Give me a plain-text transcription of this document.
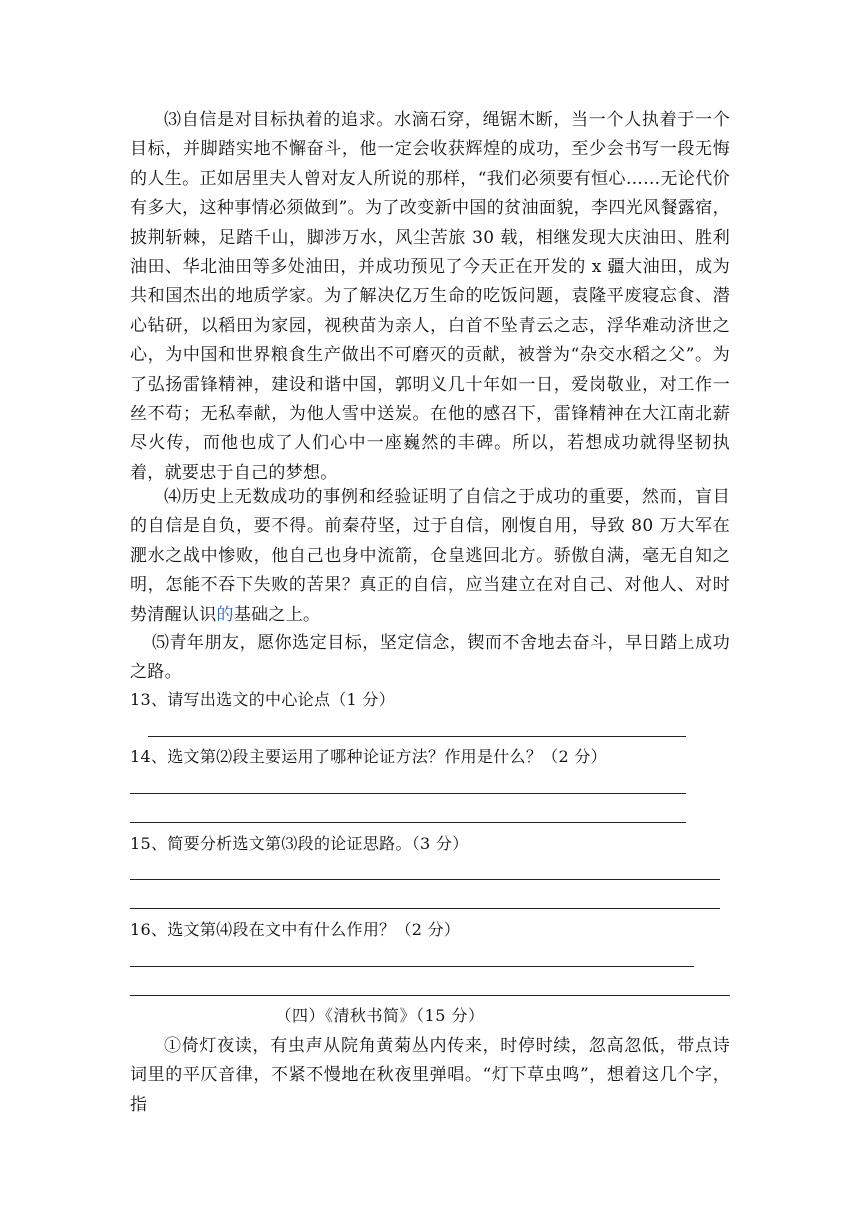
⑶自信是对目标执着的追求。水滴石穿，绳锯木断，当一个人执着于一个目标，并脚踏实地不懈奋斗，他一定会收获辉煌的成功，至少会书写一段无悔的人生。正如居里夫人曾对友人所说的那样，“我们必须要有恒心……无论代价有多大，这种事情必须做到”。为了改变新中国的贫油面貌，李四光风餐露宿，披荆斩棘，足踏千山，脚涉万水，风尘苦旅 30 载，相继发现大庆油田、胜利油田、华北油田等多处油田，并成功预见了今天正在开发的 x 疆大油田，成为共和国杰出的地质学家。为了解决亿万生命的吃饭问题，袁隆平废寝忘食、潜 心钻研，以稻田为家园，视秧苗为亲人，白首不坠青云之志，浮华难动济世之心，为中国和世界粮食生产做出不可磨灭的贡献，被誉为“杂交水稻之父”。为了弘扬雷锋精神，建设和谐中国，郭明义几十年如一日，爱岗敬业，对工作一丝不苟；无私奉献，为他人雪中送炭。在他的感召下，雷锋精神在大江南北薪尽火传，而他也成了人们心中一座巍然的丰碑。所以，若想成功就得坚韧执着，就要忠于自己的梦想。

⑷历史上无数成功的事例和经验证明了自信之于成功的重要，然而，盲目的自信是自负，要不得。前秦苻坚，过于自信，刚愎自用，导致 80 万大军在淝水之战中惨败，他自己也身中流箭，仓皇逃回北方。骄傲自满，毫无自知之明，怎能不吞下失败的苦果？真正的自信，应当建立在对自己、对他人、对时势清醒认识的基础之上。

⑸青年朋友，愿你选定目标，坚定信念，锲而不舍地去奋斗，早日踏上成功之路。

13、请写出选文的中心论点（1 分）

14、选文第⑵段主要运用了哪种论证方法？作用是什么？（2 分）

15、简要分析选文第⑶段的论证思路。（3 分）

16、选文第⑷段在文中有什么作用？（2 分）

（四）《清秋书简》（15 分）

①倚灯夜读，有虫声从院角黄菊丛内传来，时停时续，忽高忽低，带点诗词里的平仄音律，不紧不慢地在秋夜里弹唱。“灯下草虫鸣”，想着这几个字，指
